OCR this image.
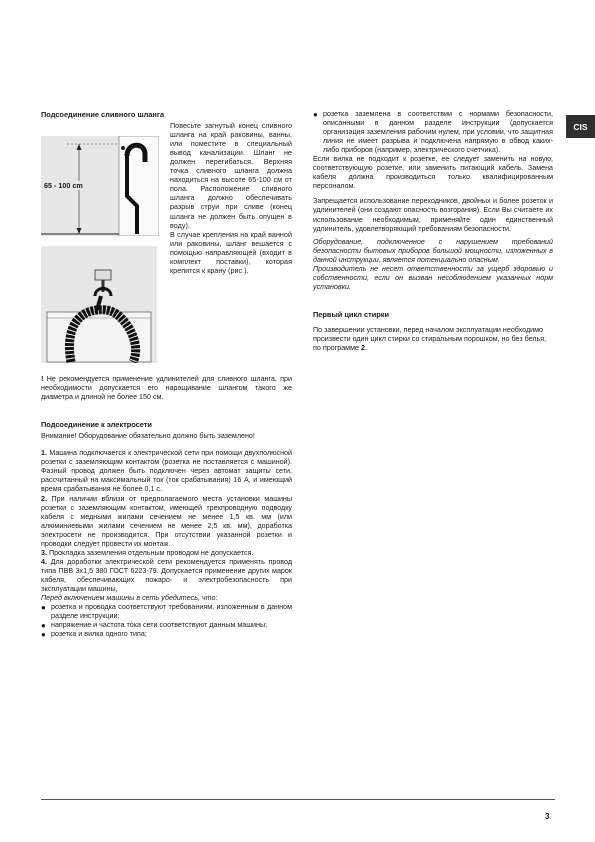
CIS
Подсоединение сливного шланга
65 - 100 cm

Повесьте загнутый конец сливного шланга на край раковины, ванны, или поместите в специальный вывод канализации. Шланг не должен перегибаться. Верхняя точка сливного шланга должна находиться на высоте 65-100 см от пола. Расположение сливного шланга должно обеспечивать разрыв струи при сливе (конец шланга не должен быть опущен в воду).

В случае крепления на край ванной или раковины, шланг вешается с помощью направляющей (входит в комплект поставки), которая крепится к крану (рис.).

! Не рекомендуется применение удлинителей для сливного шланга, при необходимости допускается его наращивание шлангом такого же диаметра и длиной не более 150 см.

Подсоединение к электросети

Внимание! Оборудование обязательно должно быть заземлено!

1. Машина подключается к электрической сети при помощи двухполюсной розетки с заземляющим контактом (розетка не поставляется с машиной). Фазный провод должен быть подключен через автомат защиты сети, рассчитанный на максимальный ток (ток срабатывания) 16 А, и имеющий время срабатывания не более 0,1 с.

2. При наличии вблизи от предполагаемого места установки машины розетки с заземляющим контактом, имеющей трехпроводную подводку кабеля с медными жилами сечением не менее 1,5 кв. мм (или алюминиевыми жилами сечением не менее 2,5 кв. мм), доработка электросети не производится. При отсутствии указанной розетки и проводки следует провести их монтаж.

3. Прокладка заземления отдельным проводом не допускается.

4. Для доработки электрической сети рекомендуется применять провод типа ПВВ 3х1,5 380 ГОСТ 6223-79. Допускается применение других марок кабеля, обеспечивающих пожаро- и электробезопасность при эксплуатации машины,

Перед включением машины в сеть убедитесь, что:

● розетка и проводка соответствуют требованиям, изложенным в данном разделе инструкции;
● напряжение и частота тока сети соответствуют данным машины;
● розетка и вилка одного типа;
● розетка заземлена в соответствии с нормами безопасности, описанными в данном разделе инструкции (допускается организация заземления рабочим нулем, при условии, что защитная линия не имеет разрыва и подключена напрямую в обвод каких-либо приборов (например, электрического счетчика).

Если вилка не подходит к розетке, ее следует заменить на новую, соответствующую розетке, или заменить питающий кабель. Замена кабеля должна производиться только квалифицированным персоналом.

Запрещается использование переходников, двойных и более розеток и удлинителей (они создают опасность возгорания). Если Вы считаете их использование необходимым, применяйте один единственный удлинитель, удовлетворяющий требованиям безопасности.

Оборудование, подключенное с нарушением требований безопасности бытовых приборов большой мощности, изложенных в данной инструкции, является потенциально опасным.

Производитель не несет ответственности за ущерб здоровью и собственности, если он вызван несоблюдением указанных норм установки.

Первый цикл стирки

По завершении установки, перед началом эксплуатации необходимо произвести один цикл стирки со стиральным порошком, но без белья, по программе 2.

3
